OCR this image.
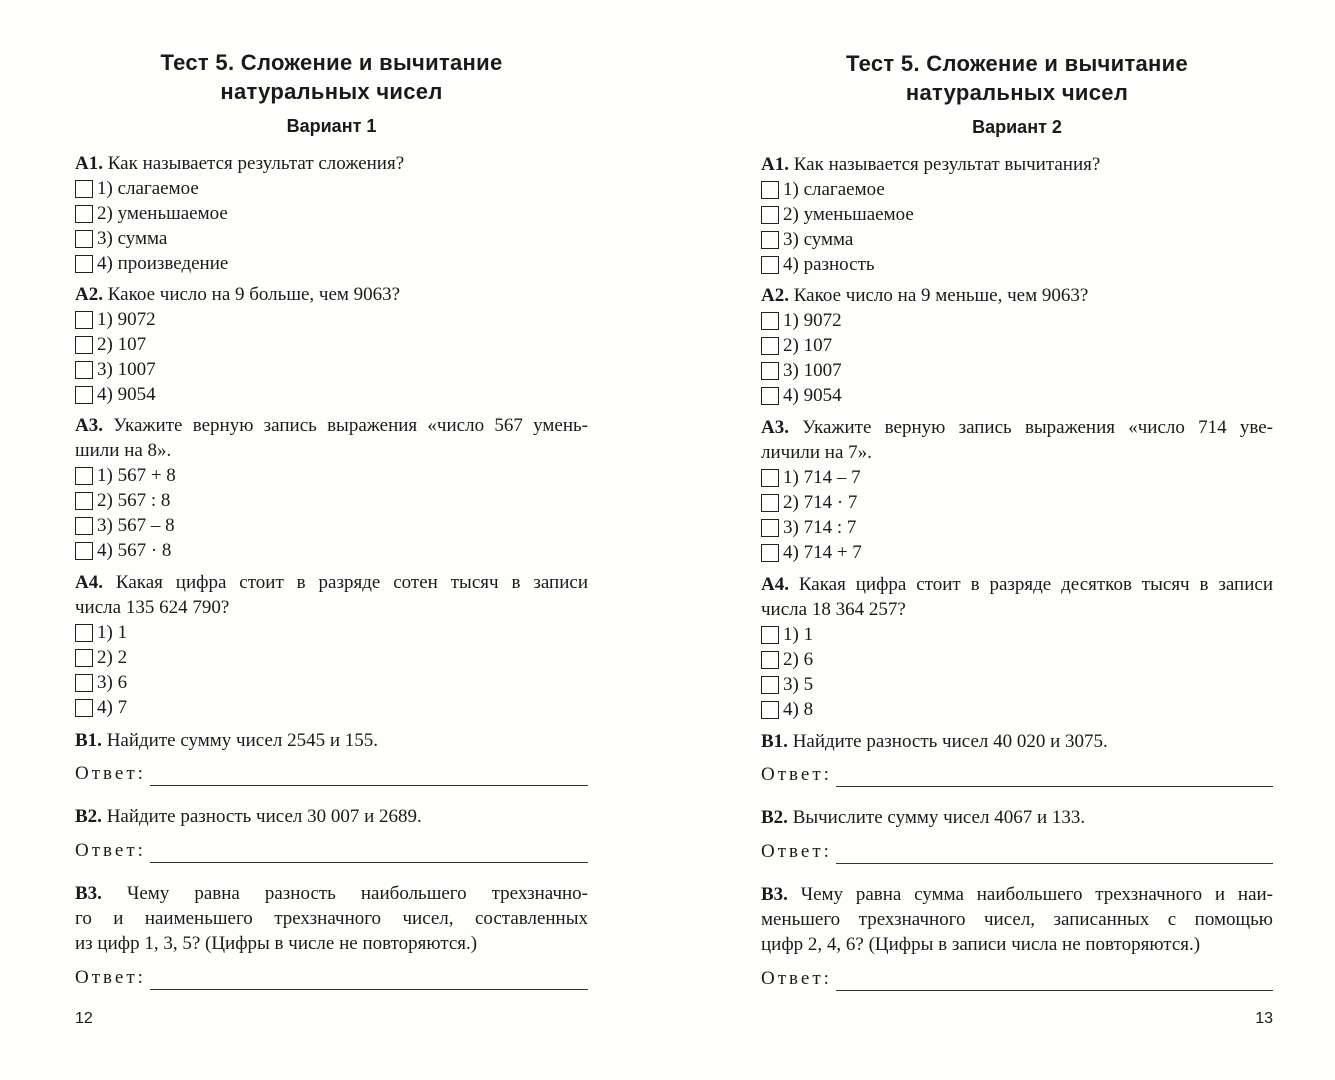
Тест 5. Сложение и вычитание
натуральных чисел
Вариант 1

А1. Как называется результат сложения?

1) слагаемое
2) уменьшаемое
3) сумма
4) произведение

А2. Какое число на 9 больше, чем 9063?

1) 9072
2) 107
3) 1007
4) 9054

А3. Укажите верную запись выражения «число 567 умень-

шили на 8».

1) 567 + 8
2) 567 : 8
3) 567 – 8
4) 567 · 8

А4. Какая цифра стоит в разряде сотен тысяч в записи

числа 135 624 790?

1) 1
2) 2
3) 6
4) 7

В1. Найдите сумму чисел 2545 и 155.

Ответ:

В2. Найдите разность чисел 30 007 и 2689.

Ответ:

В3. Чему равна разность наибольшего трехзначно-

го и наименьшего трехзначного чисел, составленных

из цифр 1, 3, 5? (Цифры в числе не повторяются.)

Ответ:
12
Тест 5. Сложение и вычитание
натуральных чисел
Вариант 2

А1. Как называется результат вычитания?

1) слагаемое
2) уменьшаемое
3) сумма
4) разность

А2. Какое число на 9 меньше, чем 9063?

1) 9072
2) 107
3) 1007
4) 9054

А3. Укажите верную запись выражения «число 714 уве-

личили на 7».

1) 714 – 7
2) 714 · 7
3) 714 : 7
4) 714 + 7

А4. Какая цифра стоит в разряде десятков тысяч в записи

числа 18 364 257?

1) 1
2) 6
3) 5
4) 8

В1. Найдите разность чисел 40 020 и 3075.

Ответ:

В2. Вычислите сумму чисел 4067 и 133.

Ответ:

В3. Чему равна сумма наибольшего трехзначного и наи-

меньшего трехзначного чисел, записанных с помощью

цифр 2, 4, 6? (Цифры в записи числа не повторяются.)

Ответ:
13
